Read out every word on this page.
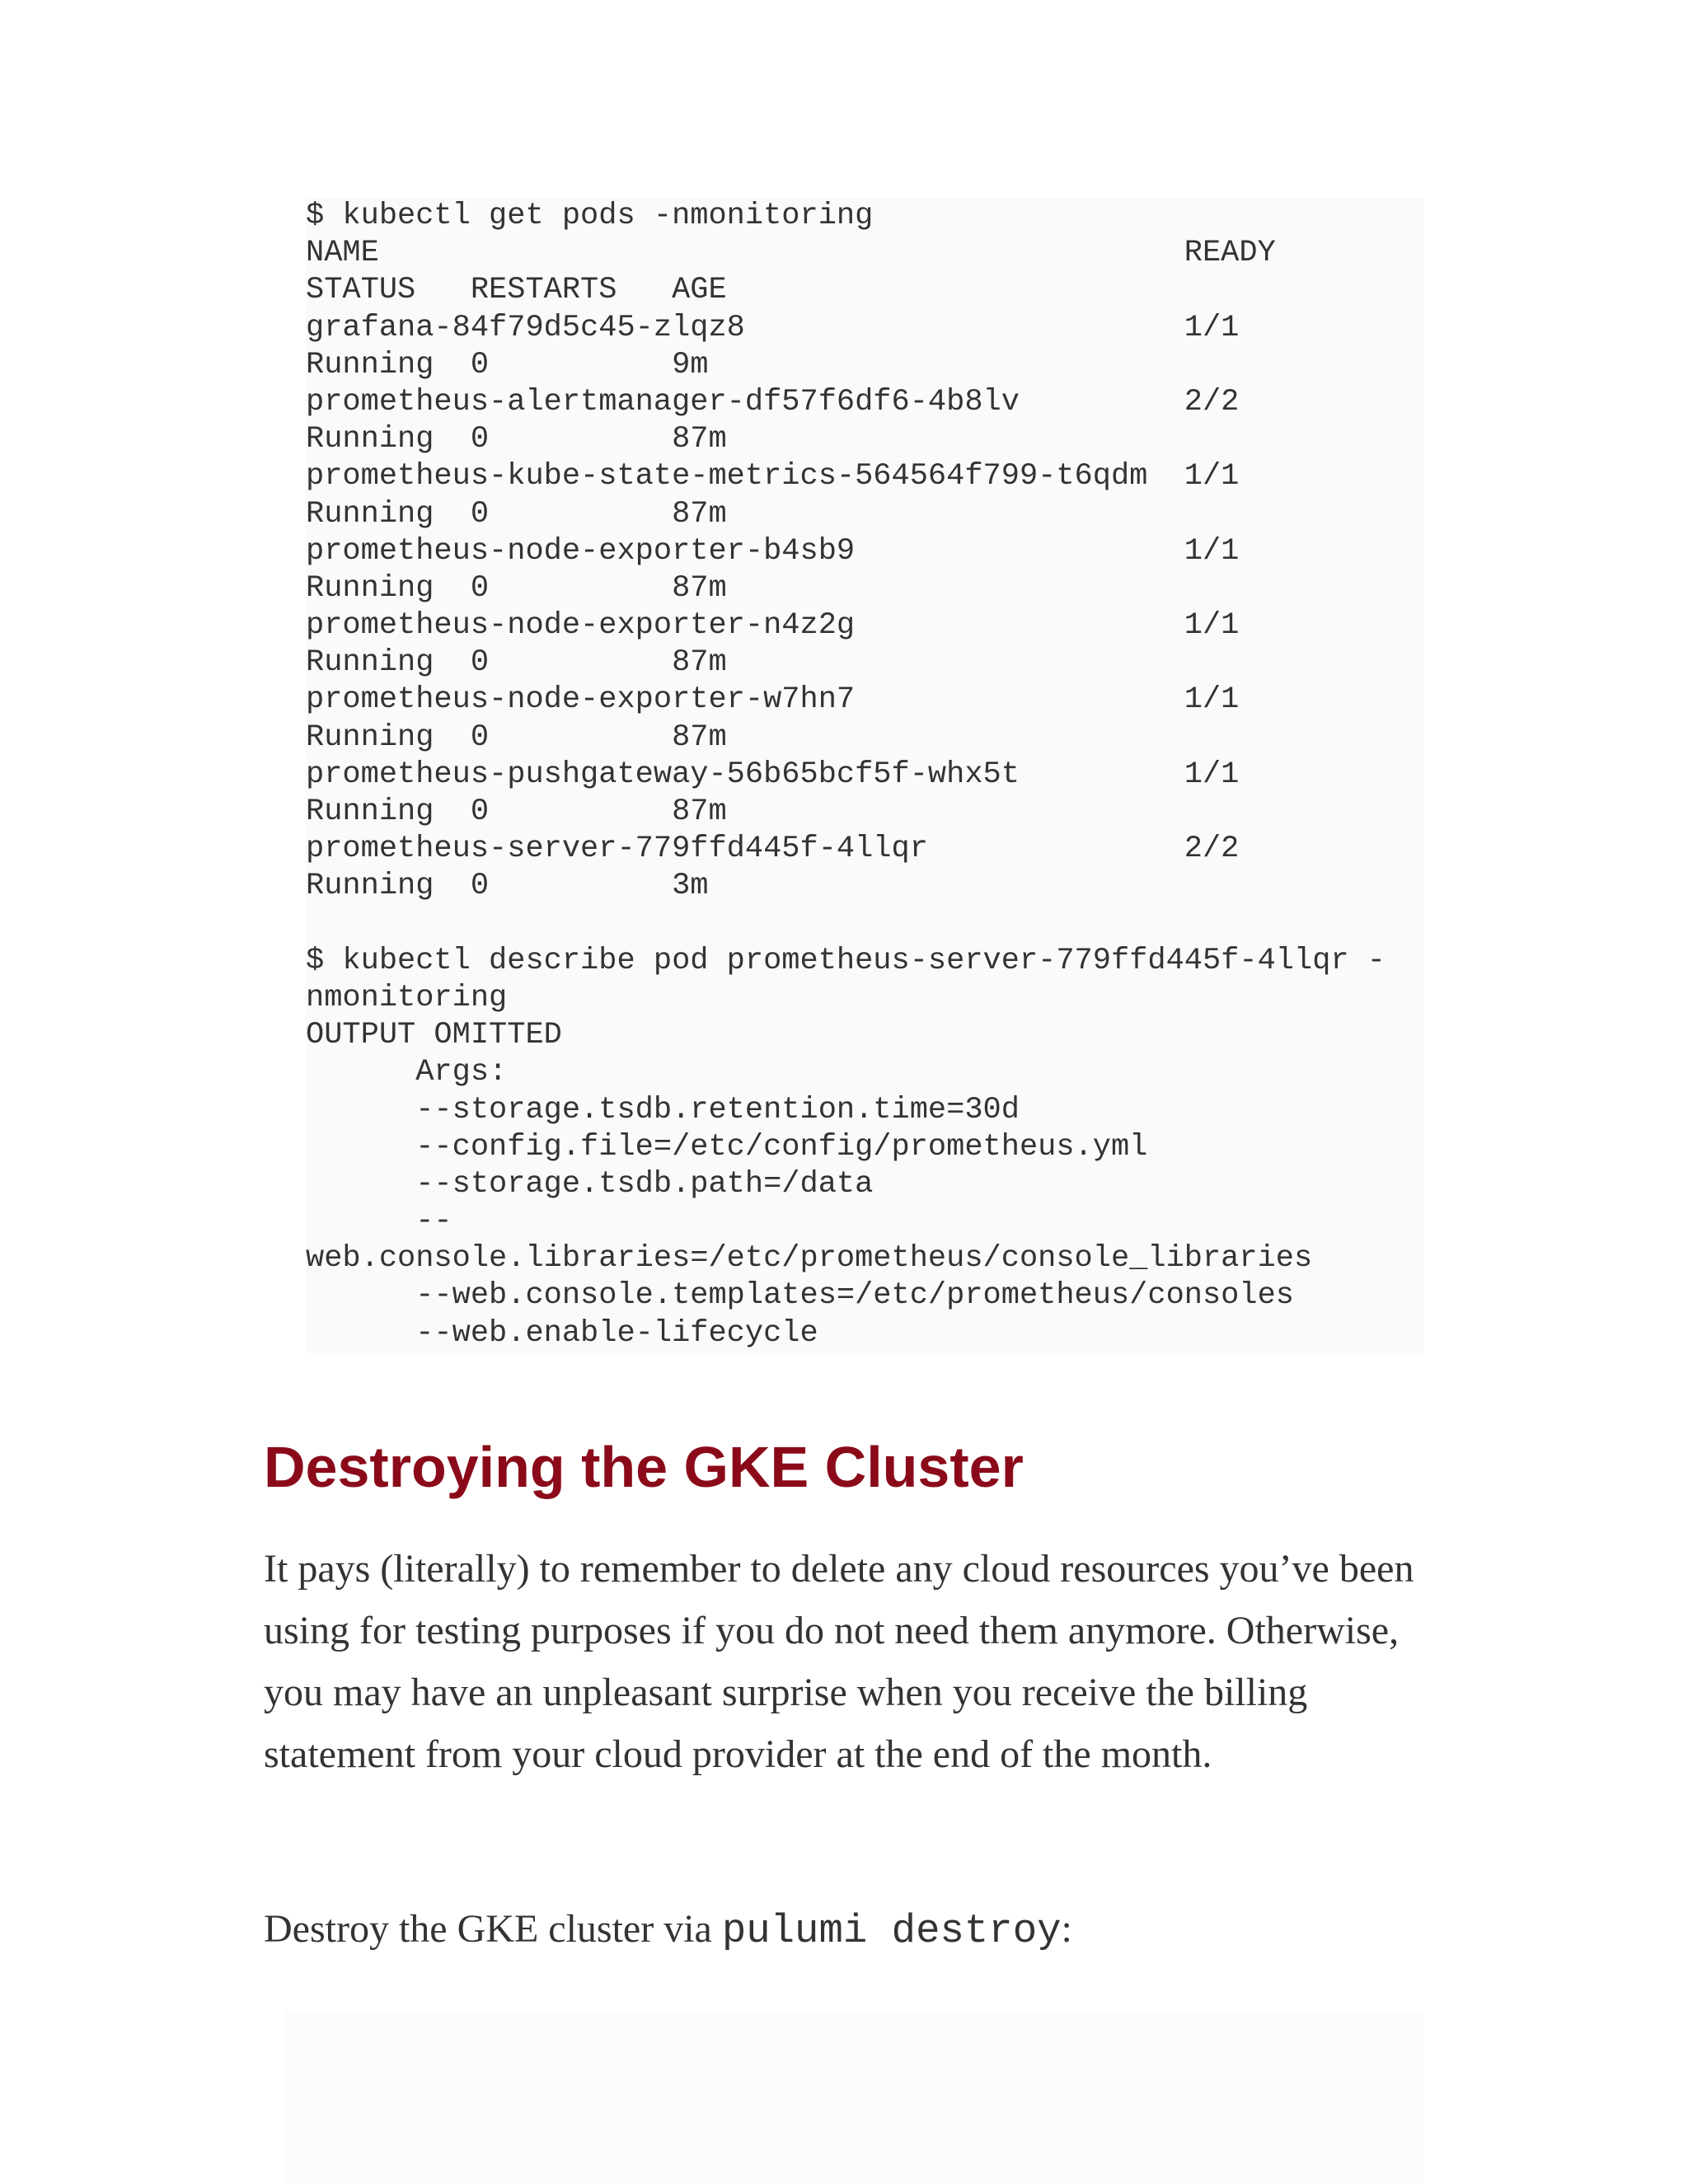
$ kubectl get pods -nmonitoring
NAME                                            READY
STATUS   RESTARTS   AGE
grafana-84f79d5c45-zlqz8                        1/1
Running  0          9m
prometheus-alertmanager-df57f6df6-4b8lv         2/2
Running  0          87m
prometheus-kube-state-metrics-564564f799-t6qdm  1/1
Running  0          87m
prometheus-node-exporter-b4sb9                  1/1
Running  0          87m
prometheus-node-exporter-n4z2g                  1/1
Running  0          87m
prometheus-node-exporter-w7hn7                  1/1
Running  0          87m
prometheus-pushgateway-56b65bcf5f-whx5t         1/1
Running  0          87m
prometheus-server-779ffd445f-4llqr              2/2
Running  0          3m
$ kubectl describe pod prometheus-server-779ffd445f-4llqr -
nmonitoring
OUTPUT OMITTED
Args:
--storage.tsdb.retention.time=30d
--config.file=/etc/config/prometheus.yml
--storage.tsdb.path=/data
--
web.console.libraries=/etc/prometheus/console_libraries
--web.console.templates=/etc/prometheus/consoles
--web.enable-lifecycle
Destroying the GKE Cluster

It pays (literally) to remember to delete any cloud resources you’ve been using for testing purposes if you do not need them anymore. Otherwise, you may have an unpleasant surprise when you receive the billing statement from your cloud provider at the end of the month.

Destroy the GKE cluster via pulumi destroy:
